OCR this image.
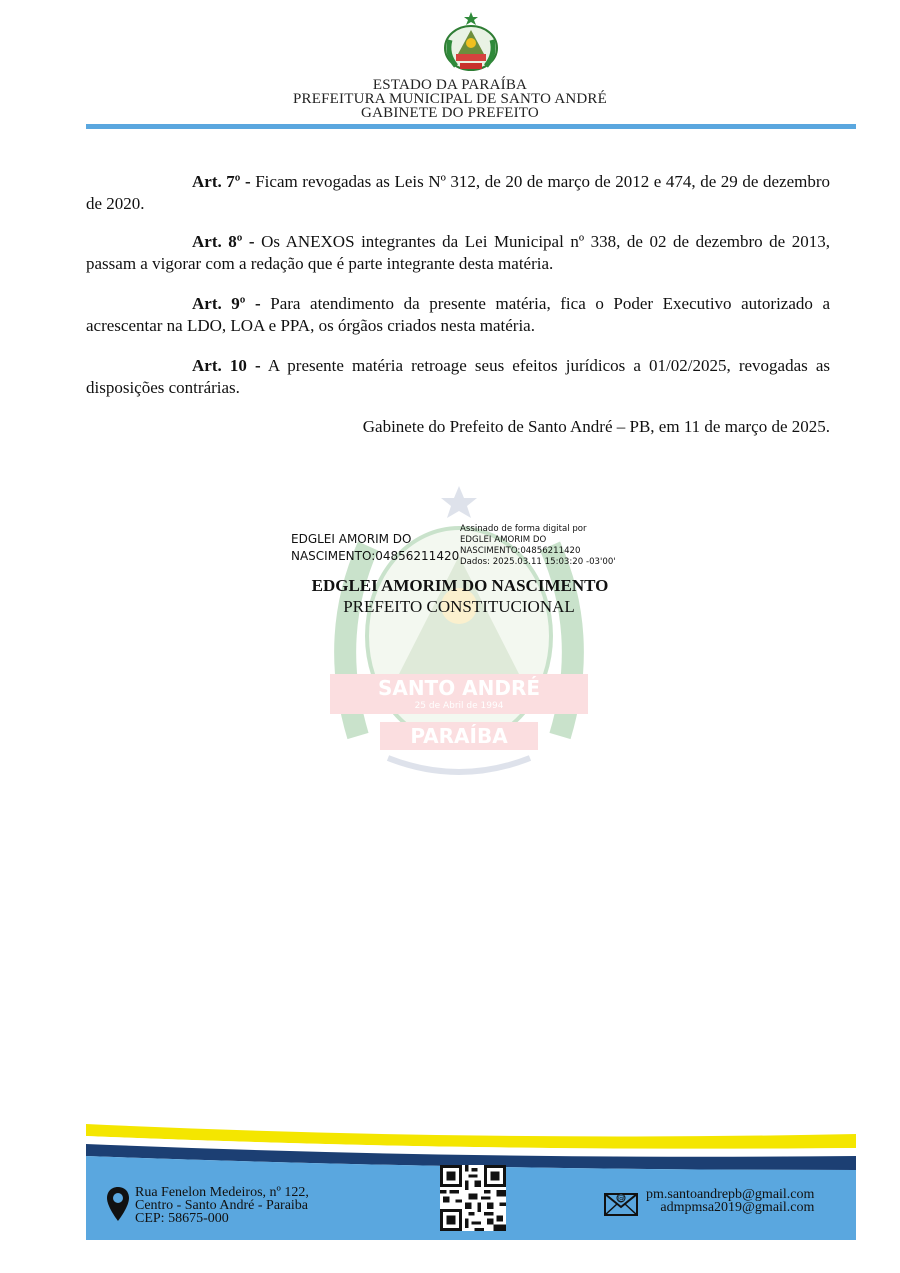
ESTADO DA PARAÍBA
PREFEITURA MUNICIPAL DE SANTO ANDRÉ
GABINETE DO PREFEITO
Art. 7º - Ficam revogadas as Leis Nº 312, de 20 de março de 2012 e 474, de 29 de dezembro de 2020.
Art. 8º - Os ANEXOS integrantes da Lei Municipal nº 338, de 02 de dezembro de 2013, passam a vigorar com a redação que é parte integrante desta matéria.
Art. 9º - Para atendimento da presente matéria, fica o Poder Executivo autorizado a acrescentar na LDO, LOA e PPA, os órgãos criados nesta matéria.
Art. 10 - A presente matéria retroage seus efeitos jurídicos a 01/02/2025, revogadas as disposições contrárias.
Gabinete do Prefeito de Santo André – PB, em 11 de março de 2025.
SANTO ANDRÉ
25 de Abril de 1994
PARAÍBA
EDGLEI AMORIM DO
NASCIMENTO:04856211420
Assinado de forma digital por
EDGLEI AMORIM DO
NASCIMENTO:04856211420
Dados: 2025.03.11 15:03:20 -03'00'
EDGLEI AMORIM DO NASCIMENTO
PREFEITO CONSTITUCIONAL
Rua Fenelon Medeiros, nº 122,
Centro - Santo André - Paraiba
CEP: 58675-000
@ pm.santoandrepb@gmail.com
admpmsa2019@gmail.com
